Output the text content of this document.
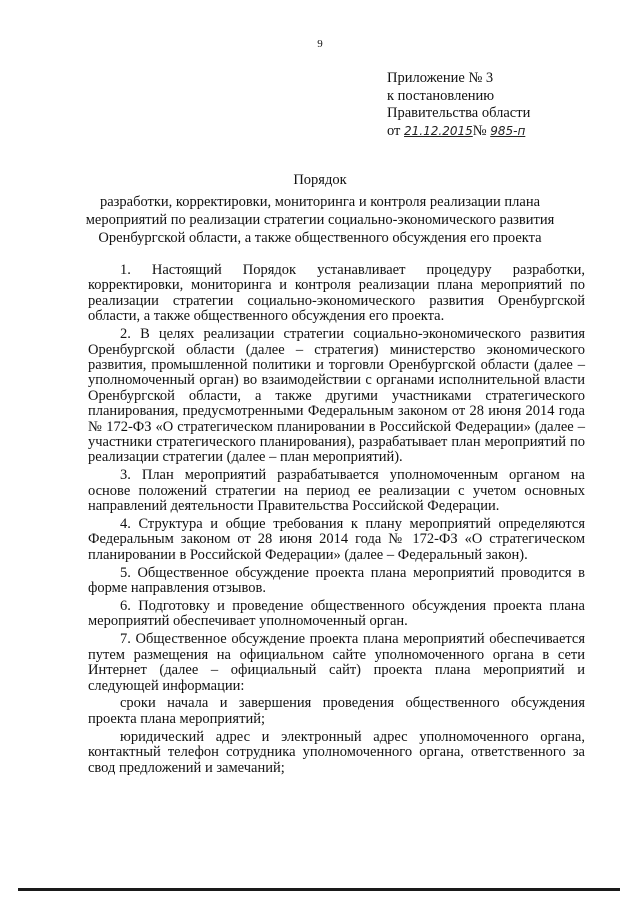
9
Приложение № 3
к постановлению
Правительства области
от 21.12.2015№ 985-п
Порядок
разработки, корректировки, мониторинга и контроля реализации плана
мероприятий по реализации стратегии социально-экономического развития
Оренбургской области, а также общественного обсуждения его проекта

1. Настоящий Порядок устанавливает процедуру разработки, корректировки, мониторинга и контроля реализации плана мероприятий по реализации стратегии социально-экономического развития Оренбургской области, а также общественного обсуждения его проекта.

2. В целях реализации стратегии социально-экономического развития Оренбургской области (далее – стратегия) министерство экономического развития, промышленной политики и торговли Оренбургской области (далее – уполномоченный орган) во взаимодействии с органами исполнительной власти Оренбургской области, а также другими участниками стратегического планирования, предусмотренными Федеральным законом от 28 июня 2014 года № 172-ФЗ «О стратегическом планировании в Российской Федерации» (далее – участники стратегического планирования), разрабатывает план мероприятий по реализации стратегии (далее – план мероприятий).

3. План мероприятий разрабатывается уполномоченным органом на основе положений стратегии на период ее реализации с учетом основных направлений деятельности Правительства Российской Федерации.

4. Структура и общие требования к плану мероприятий определяются Федеральным законом от 28 июня 2014 года № 172-ФЗ «О стратегическом планировании в Российской Федерации» (далее – Федеральный закон).

5. Общественное обсуждение проекта плана мероприятий проводится в форме направления отзывов.

6. Подготовку и проведение общественного обсуждения проекта плана мероприятий обеспечивает уполномоченный орган.

7. Общественное обсуждение проекта плана мероприятий обеспечивается путем размещения на официальном сайте уполномоченного органа в сети Интернет (далее – официальный сайт) проекта плана мероприятий и следующей информации:

сроки начала и завершения проведения общественного обсуждения проекта плана мероприятий;

юридический адрес и электронный адрес уполномоченного органа, контактный телефон сотрудника уполномоченного органа, ответственного за свод предложений и замечаний;
